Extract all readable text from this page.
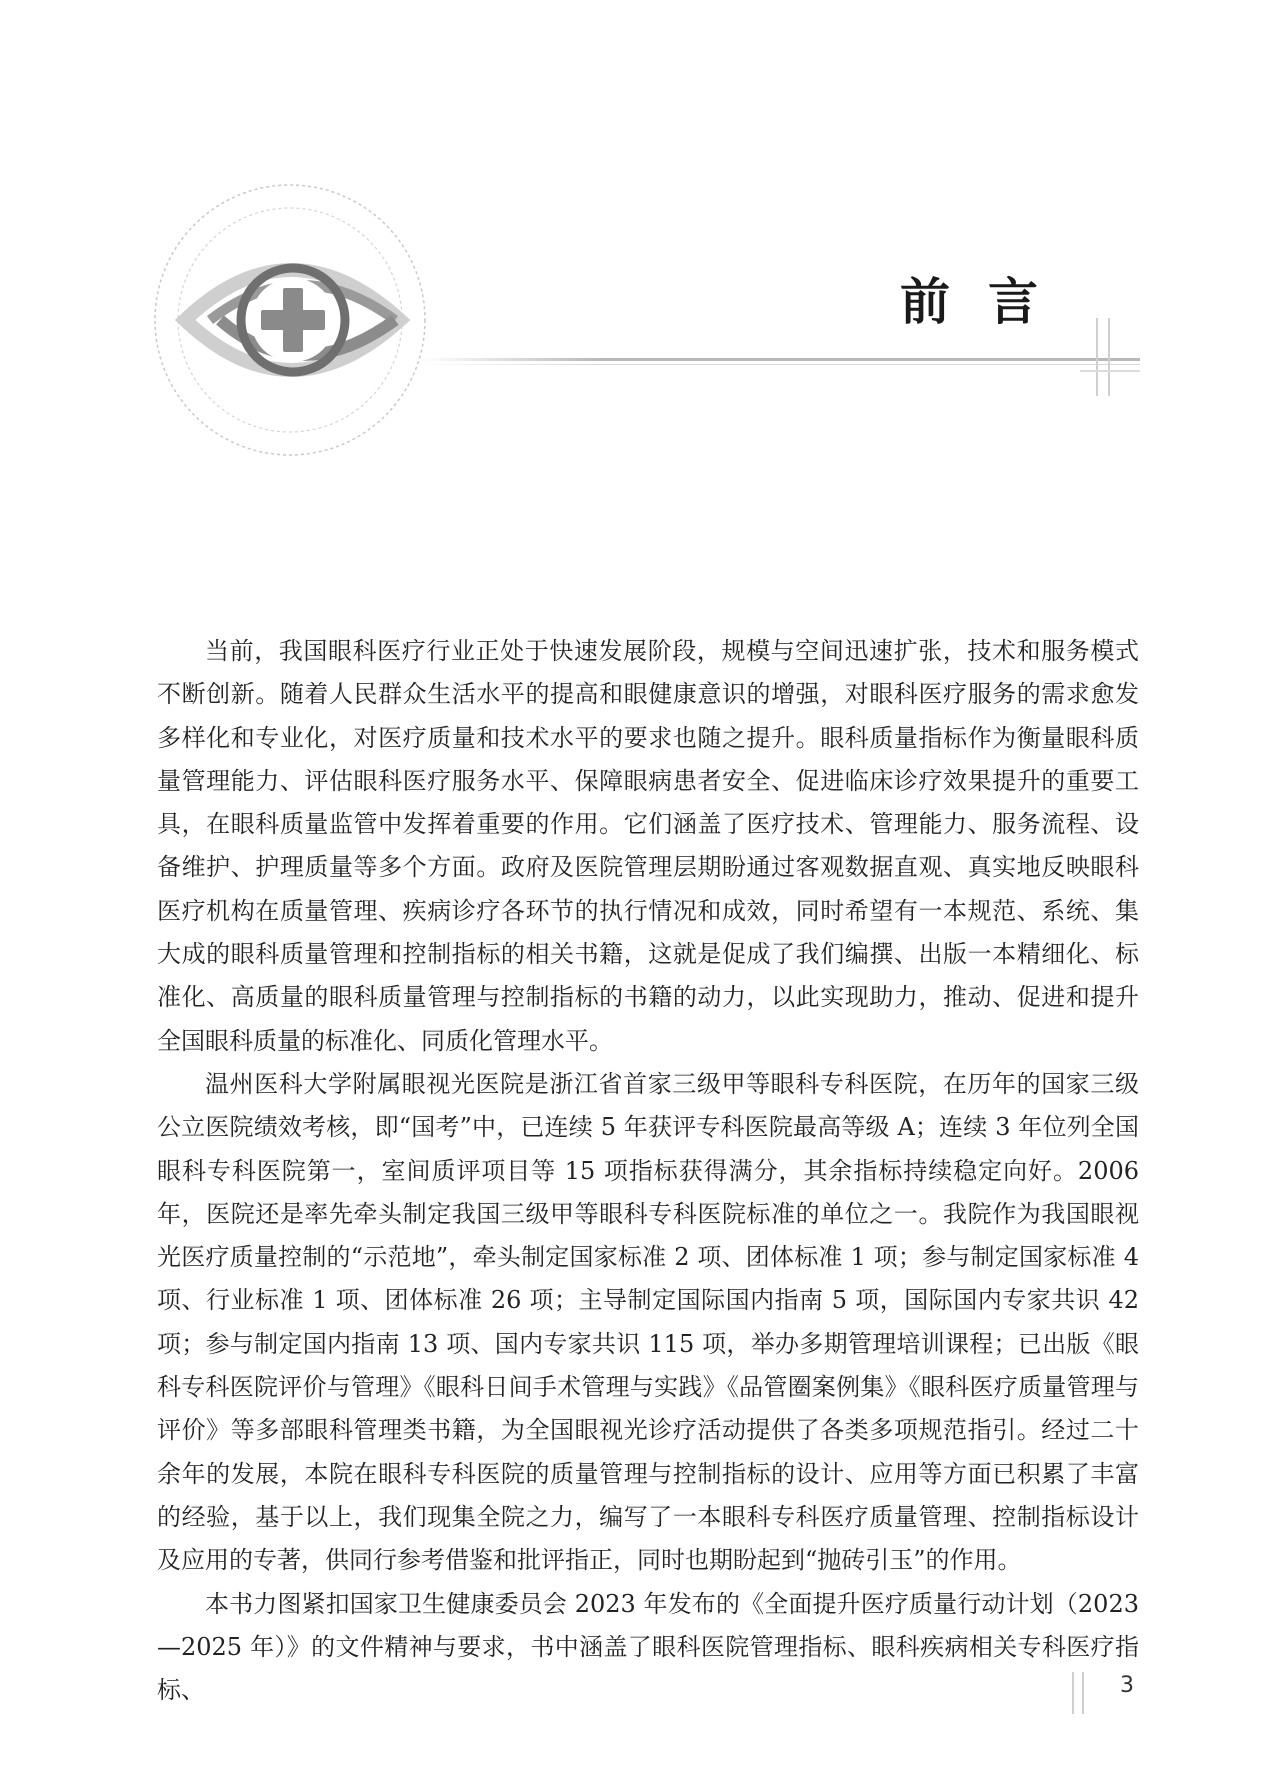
前言

当前，我国眼科医疗行业正处于快速发展阶段，规模与空间迅速扩张，技术和服务模式不断创新。随着人民群众生活水平的提高和眼健康意识的增强，对眼科医疗服务的需求愈发多样化和专业化，对医疗质量和技术水平的要求也随之提升。眼科质量指标作为衡量眼科质量管理能力、评估眼科医疗服务水平、保障眼病患者安全、促进临床诊疗效果提升的重要工具，在眼科质量监管中发挥着重要的作用。它们涵盖了医疗技术、管理能力、服务流程、设备维护、护理质量等多个方面。政府及医院管理层期盼通过客观数据直观、真实地反映眼科医疗机构在质量管理、疾病诊疗各环节的执行情况和成效，同时希望有一本规范、系统、集大成的眼科质量管理和控制指标的相关书籍，这就是促成了我们编撰、出版一本精细化、标准化、高质量的眼科质量管理与控制指标的书籍的动力，以此实现助力，推动、促进和提升全国眼科质量的标准化、同质化管理水平。

温州医科大学附属眼视光医院是浙江省首家三级甲等眼科专科医院，在历年的国家三级公立医院绩效考核，即“国考”中，已连续 5 年获评专科医院最高等级 A；连续 3 年位列全国眼科专科医院第一，室间质评项目等 15 项指标获得满分，其余指标持续稳定向好。2006 年，医院还是率先牵头制定我国三级甲等眼科专科医院标准的单位之一。我院作为我国眼视光医疗质量控制的“示范地”，牵头制定国家标准 2 项、团体标准 1 项；参与制定国家标准 4 项、行业标准 1 项、团体标准 26 项；主导制定国际国内指南 5 项，国际国内专家共识 42 项；参与制定国内指南 13 项、国内专家共识 115 项，举办多期管理培训课程；已出版《眼科专科医院评价与管理》《眼科日间手术管理与实践》《品管圈案例集》《眼科医疗质量管理与评价》等多部眼科管理类书籍，为全国眼视光诊疗活动提供了各类多项规范指引。经过二十余年的发展，本院在眼科专科医院的质量管理与控制指标的设计、应用等方面已积累了丰富的经验，基于以上，我们现集全院之力，编写了一本眼科专科医疗质量管理、控制指标设计及应用的专著，供同行参考借鉴和批评指正，同时也期盼起到“抛砖引玉”的作用。

本书力图紧扣国家卫生健康委员会 2023 年发布的《全面提升医疗质量行动计划（2023—2025 年）》的文件精神与要求，书中涵盖了眼科医院管理指标、眼科疾病相关专科医疗指标、	3
